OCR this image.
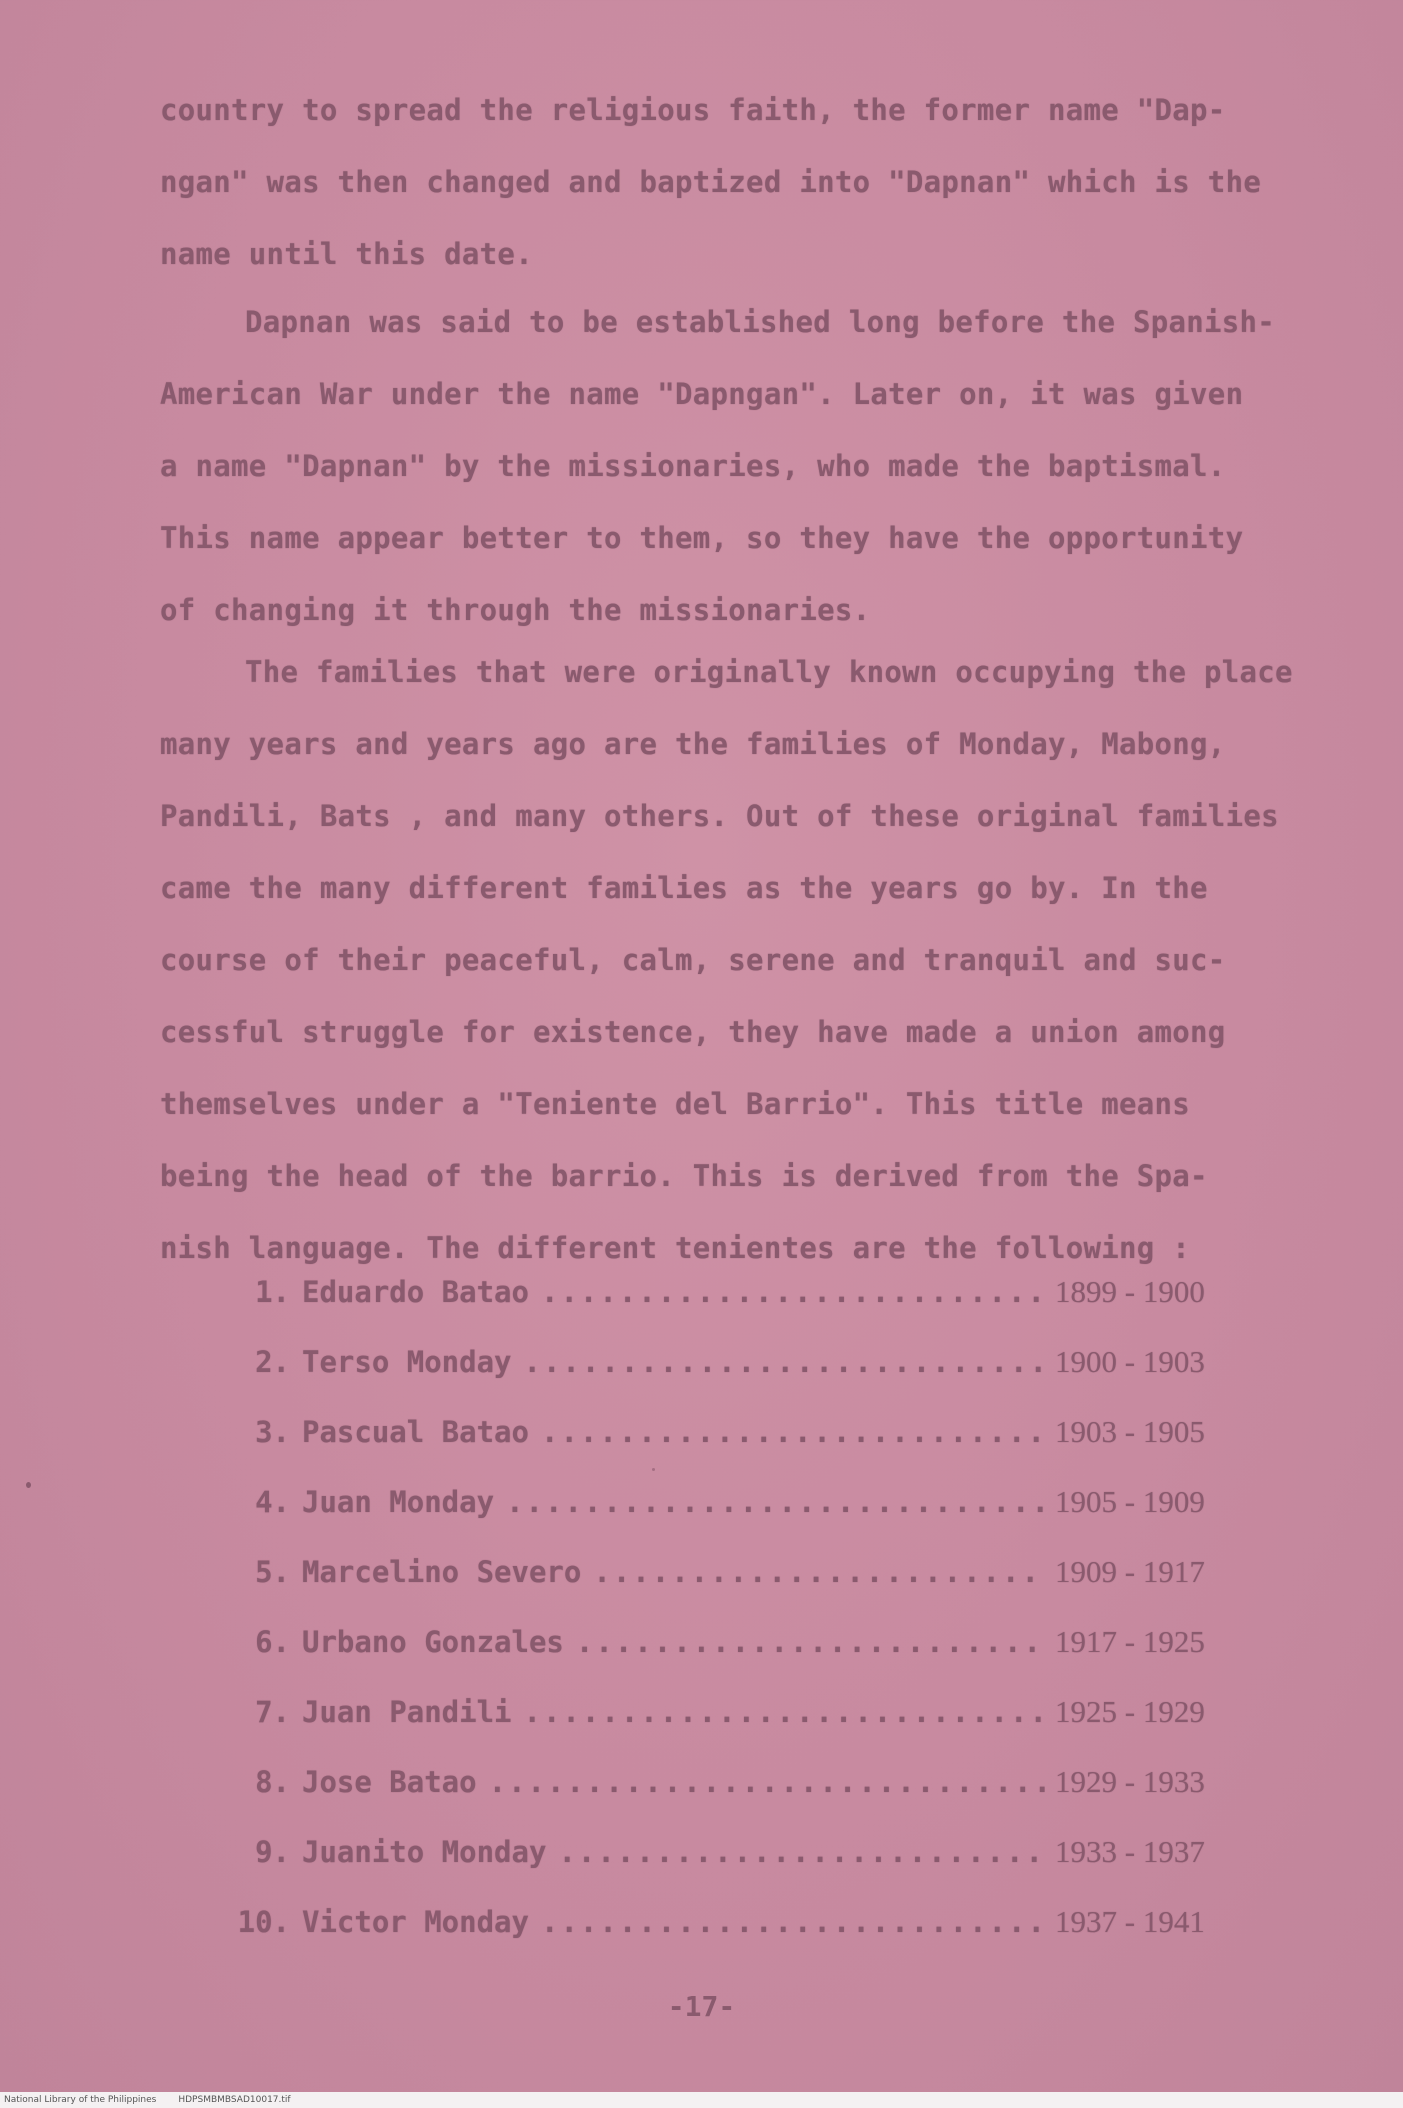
country to spread the religious faith, the former name "Dap-
ngan" was then changed and baptized into "Dapnan" which is the
name until this date.
Dapnan was said to be established long before the Spanish-
American War under the name "Dapngan". Later on, it was given
a name "Dapnan" by the missionaries, who made the baptismal.
This name appear better to them, so they have the opportunity
of changing it through the missionaries.
The families that were originally known occupying the place
many years and years ago are the families of Monday, Mabong,
Pandili, Bats , and many others. Out of these original families
came the many different families as the years go by. In the
course of their peaceful, calm, serene and tranquil and suc-
cessful struggle for existence, they have made a union among
themselves under a "Teniente del Barrio". This title means
being the head of the barrio. This is derived from the Spa-
nish language. The different tenientes are the following :
1. Eduardo Batao .....	1899 - 1900
2. Terso Monday .....	1900 - 1903
3. Pascual Batao .....	1903 - 1905
4. Juan Monday .....	1905 - 1909
5. Marcelino Severo .....	1909 - 1917
6. Urbano Gonzales .....	1917 - 1925
7. Juan Pandili .....	1925 - 1929
8. Jose Batao .....	1929 - 1933
9. Juanito Monday .....	1933 - 1937
10. Victor Monday .....	1937 - 1941
-17-
National Library of the Philippines HDPSMBMBSAD10017.tif
